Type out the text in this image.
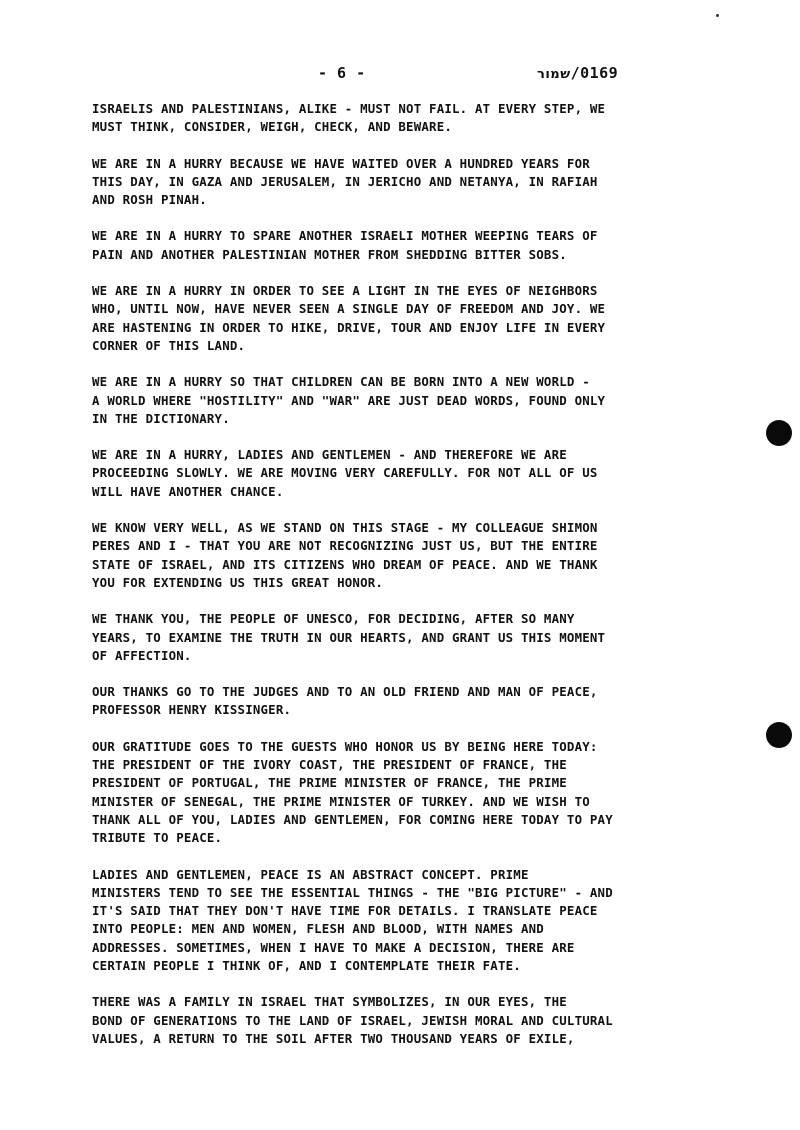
- 6 -	שמור/0169
ISRAELIS AND PALESTINIANS, ALIKE - MUST NOT FAIL. AT EVERY STEP, WE
MUST THINK, CONSIDER, WEIGH, CHECK, AND BEWARE.
WE ARE IN A HURRY BECAUSE WE HAVE WAITED OVER A HUNDRED YEARS FOR
THIS DAY, IN GAZA AND JERUSALEM, IN JERICHO AND NETANYA, IN RAFIAH
AND ROSH PINAH.
WE ARE IN A HURRY TO SPARE ANOTHER ISRAELI MOTHER WEEPING TEARS OF
PAIN AND ANOTHER PALESTINIAN MOTHER FROM SHEDDING BITTER SOBS.
WE ARE IN A HURRY IN ORDER TO SEE A LIGHT IN THE EYES OF NEIGHBORS
WHO, UNTIL NOW, HAVE NEVER SEEN A SINGLE DAY OF FREEDOM AND JOY. WE
ARE HASTENING IN ORDER TO HIKE, DRIVE, TOUR AND ENJOY LIFE IN EVERY
CORNER OF THIS LAND.
WE ARE IN A HURRY SO THAT CHILDREN CAN BE BORN INTO A NEW WORLD -
A WORLD WHERE "HOSTILITY" AND "WAR" ARE JUST DEAD WORDS, FOUND ONLY
IN THE DICTIONARY.
WE ARE IN A HURRY, LADIES AND GENTLEMEN - AND THEREFORE WE ARE
PROCEEDING SLOWLY. WE ARE MOVING VERY CAREFULLY. FOR NOT ALL OF US
WILL HAVE ANOTHER CHANCE.
WE KNOW VERY WELL, AS WE STAND ON THIS STAGE - MY COLLEAGUE SHIMON
PERES AND I - THAT YOU ARE NOT RECOGNIZING JUST US, BUT THE ENTIRE
STATE OF ISRAEL, AND ITS CITIZENS WHO DREAM OF PEACE. AND WE THANK
YOU FOR EXTENDING US THIS GREAT HONOR.
WE THANK YOU, THE PEOPLE OF UNESCO, FOR DECIDING, AFTER SO MANY
YEARS, TO EXAMINE THE TRUTH IN OUR HEARTS, AND GRANT US THIS MOMENT
OF AFFECTION.
OUR THANKS GO TO THE JUDGES AND TO AN OLD FRIEND AND MAN OF PEACE,
PROFESSOR HENRY KISSINGER.
OUR GRATITUDE GOES TO THE GUESTS WHO HONOR US BY BEING HERE TODAY:
THE PRESIDENT OF THE IVORY COAST, THE PRESIDENT OF FRANCE, THE
PRESIDENT OF PORTUGAL, THE PRIME MINISTER OF FRANCE, THE PRIME
MINISTER OF SENEGAL, THE PRIME MINISTER OF TURKEY. AND WE WISH TO
THANK ALL OF YOU, LADIES AND GENTLEMEN, FOR COMING HERE TODAY TO PAY
TRIBUTE TO PEACE.
LADIES AND GENTLEMEN, PEACE IS AN ABSTRACT CONCEPT. PRIME
MINISTERS TEND TO SEE THE ESSENTIAL THINGS - THE "BIG PICTURE" - AND
IT'S SAID THAT THEY DON'T HAVE TIME FOR DETAILS. I TRANSLATE PEACE
INTO PEOPLE: MEN AND WOMEN, FLESH AND BLOOD, WITH NAMES AND
ADDRESSES. SOMETIMES, WHEN I HAVE TO MAKE A DECISION, THERE ARE
CERTAIN PEOPLE I THINK OF, AND I CONTEMPLATE THEIR FATE.
THERE WAS A FAMILY IN ISRAEL THAT SYMBOLIZES, IN OUR EYES, THE
BOND OF GENERATIONS TO THE LAND OF ISRAEL, JEWISH MORAL AND CULTURAL
VALUES, A RETURN TO THE SOIL AFTER TWO THOUSAND YEARS OF EXILE,
